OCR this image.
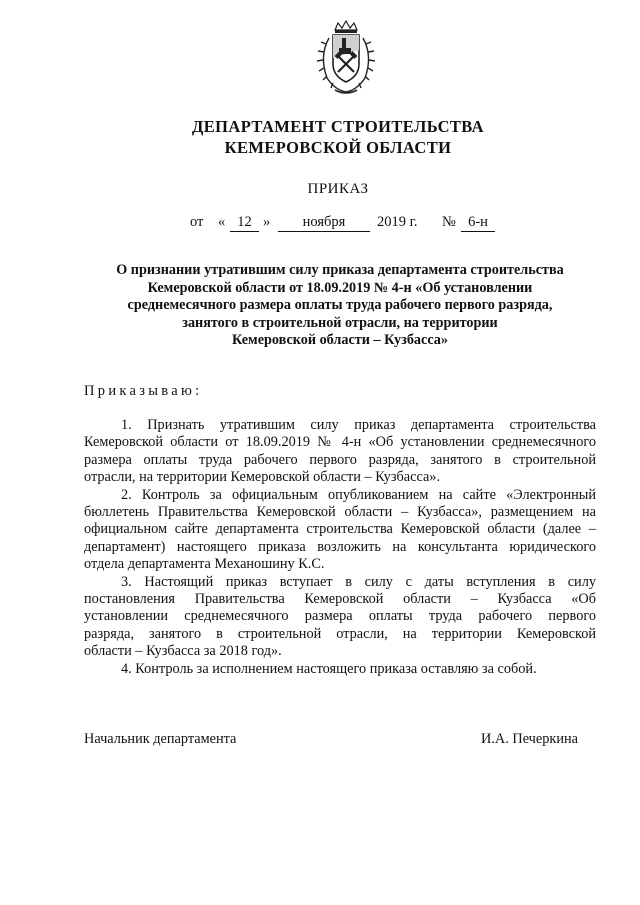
ДЕПАРТАМЕНТ СТРОИТЕЛЬСТВА
КЕМЕРОВСКОЙ ОБЛАСТИ
ПРИКАЗ
от « 12 »	ноября	2019 г. № 6-н
О признании утратившим силу приказа департамента строительства
Кемеровской области от 18.09.2019 № 4-н «Об установлении
среднемесячного размера оплаты труда рабочего первого разряда,
занятого в строительной отрасли, на территории
Кемеровской области – Кузбасса»
Приказываю:
1. Признать утратившим силу приказ департамента строительства
Кемеровской области от 18.09.2019 № 4-н «Об установлении среднемесячного
размера оплаты труда рабочего первого разряда, занятого в строительной
отрасли, на территории Кемеровской области – Кузбасса».
2. Контроль за официальным опубликованием на сайте «Электронный
бюллетень Правительства Кемеровской области – Кузбасса», размещением на
официальном сайте департамента строительства Кемеровской области (далее –
департамент) настоящего приказа возложить на консультанта юридического
отдела департамента Механошину К.С.
3. Настоящий приказ вступает в силу с даты вступления в силу
постановления Правительства Кемеровской области – Кузбасса «Об
установлении среднемесячного размера оплаты труда рабочего первого
разряда, занятого в строительной отрасли, на территории Кемеровской
области – Кузбасса за 2018 год».
4. Контроль за исполнением настоящего приказа оставляю за собой.
Начальник департамента	И.А. Печеркина
